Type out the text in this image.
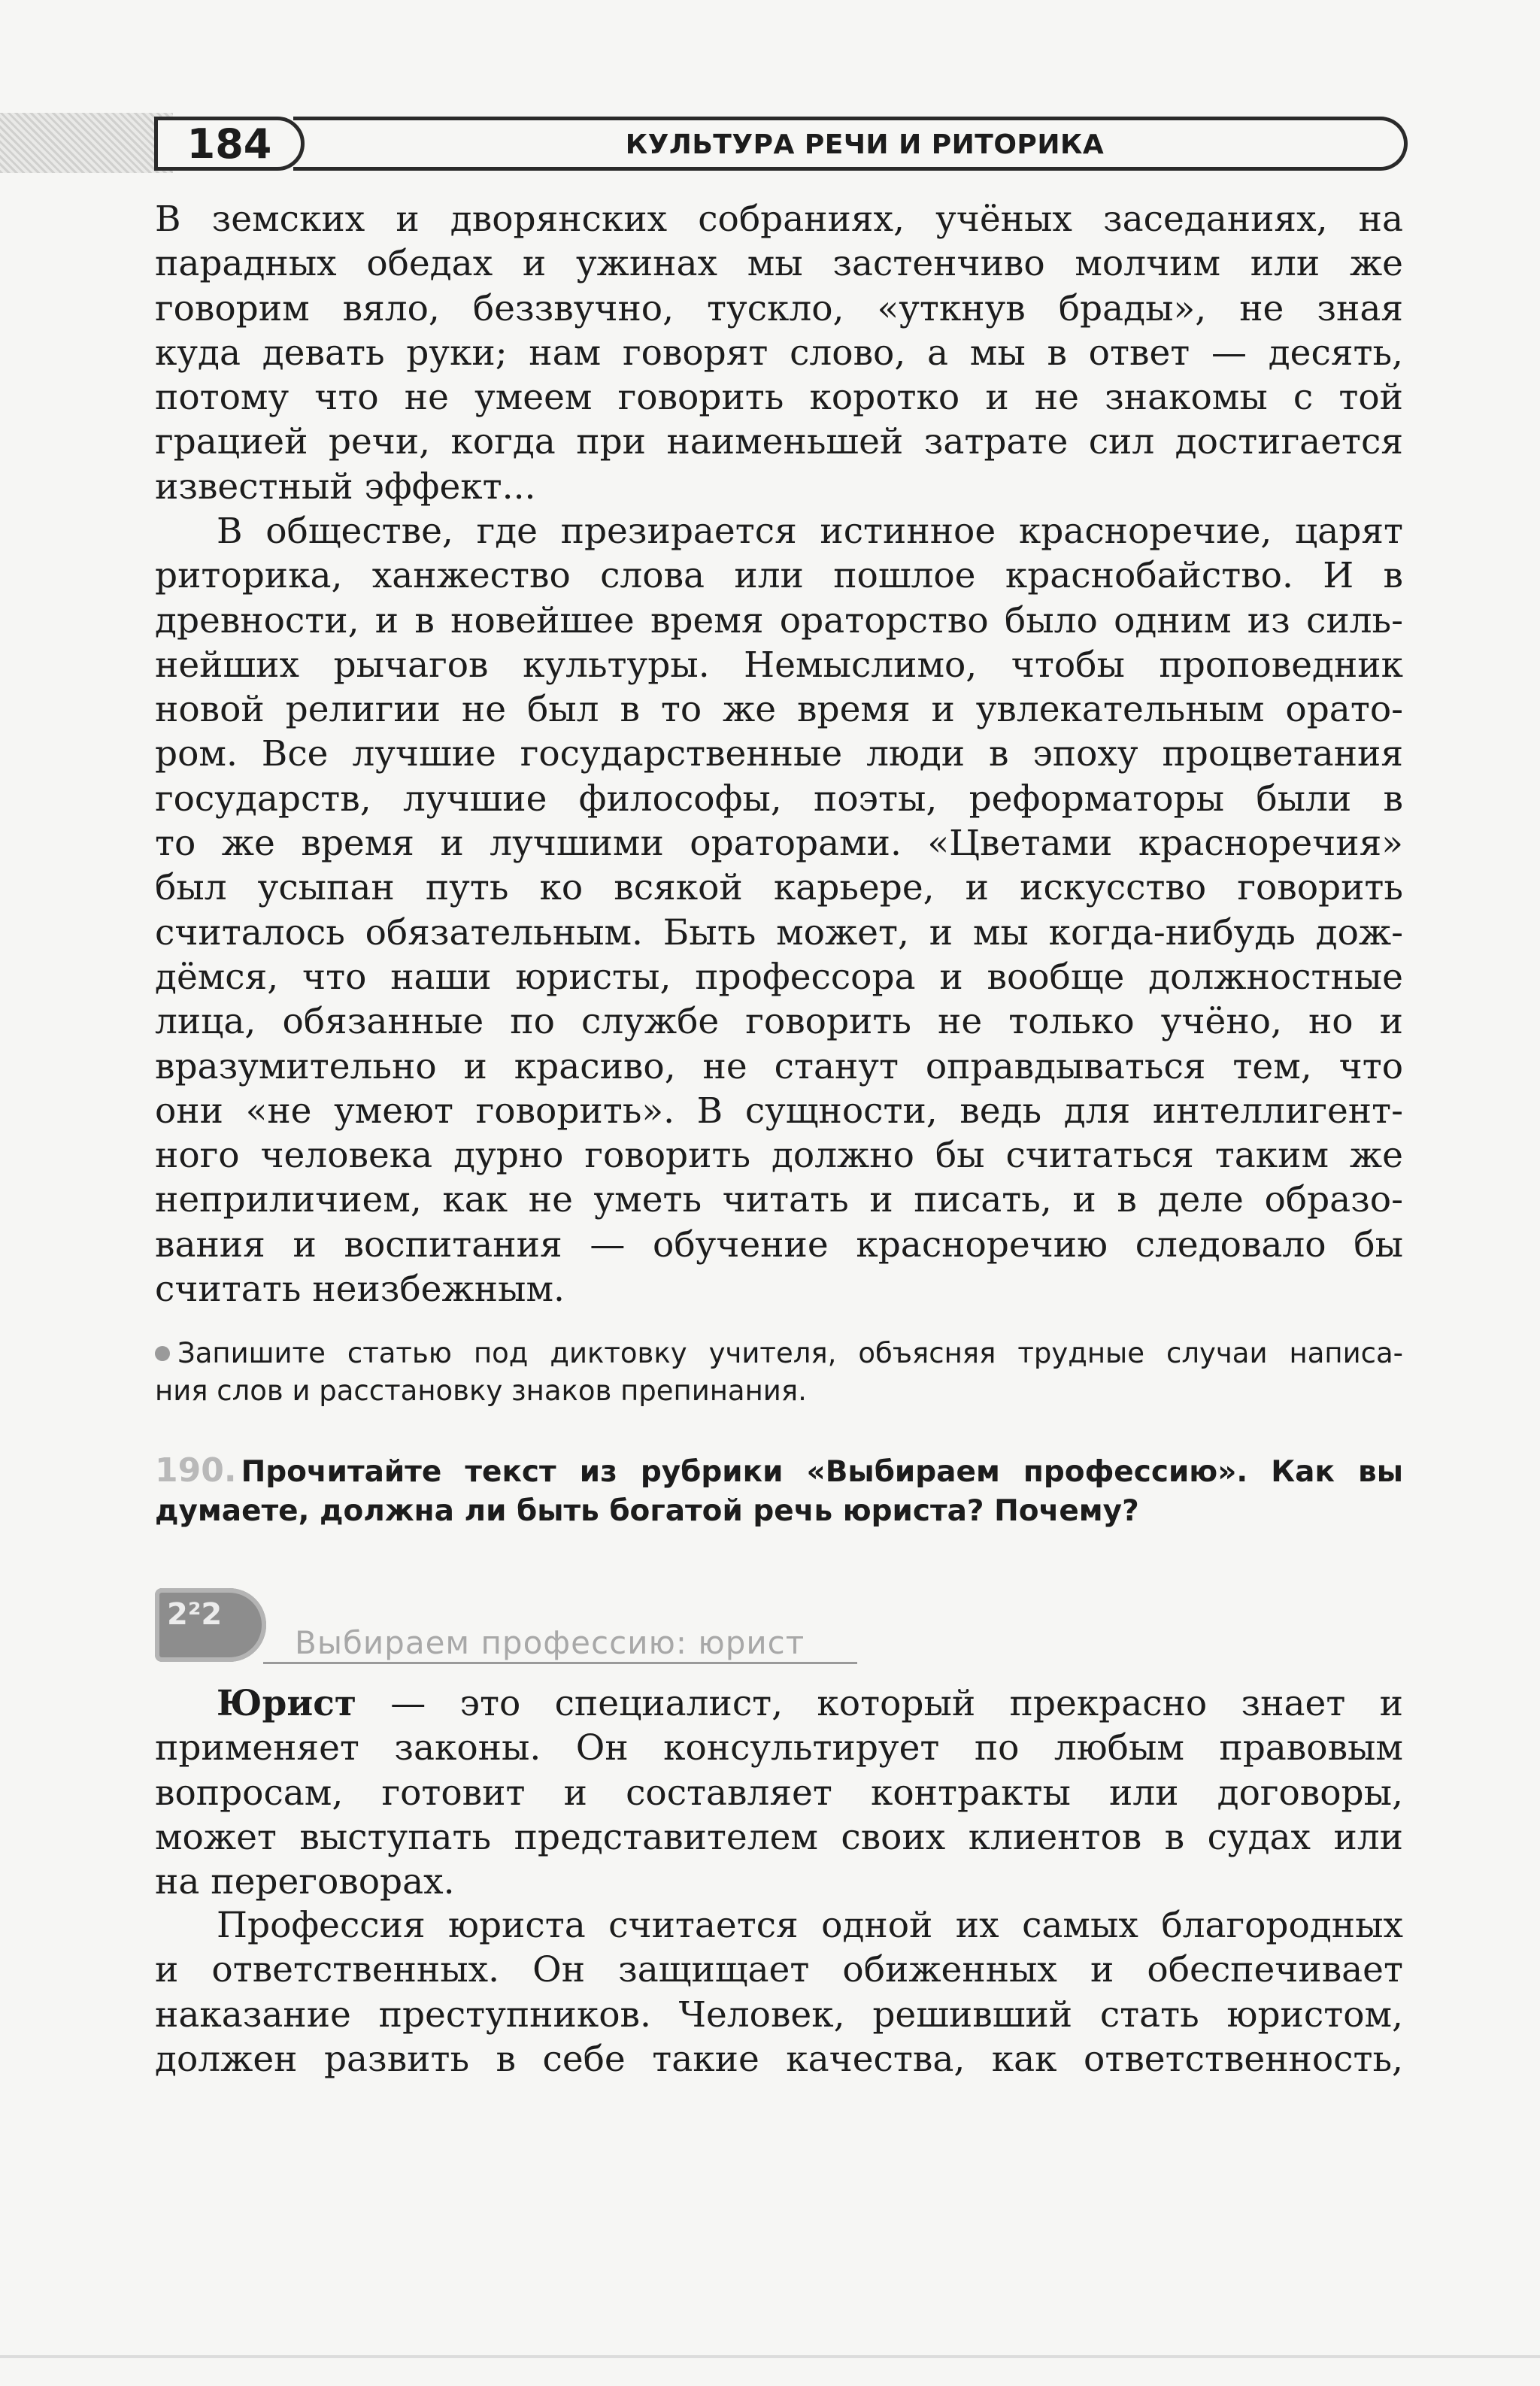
184	КУЛЬТУРА РЕЧИ И РИТОРИКА
В земских и дворянских собраниях, учёных заседаниях, на
парадных обедах и ужинах мы застенчиво молчим или же
говорим вяло, беззвучно, тускло, «уткнув брады», не зная
куда девать руки; нам говорят слово, а мы в ответ — десять,
потому что не умеем говорить коротко и не знакомы с той
грацией речи, когда при наименьшей затрате сил достигается
известный эффект...
В обществе, где презирается истинное красноречие, царят
риторика, ханжество слова или пошлое краснобайство. И в
древности, и в новейшее время ораторство было одним из силь-
нейших рычагов культуры. Немыслимо, чтобы проповедник
новой религии не был в то же время и увлекательным орато-
ром. Все лучшие государственные люди в эпоху процветания
государств, лучшие философы, поэты, реформаторы были в
то же время и лучшими ораторами. «Цветами красноречия»
был усыпан путь ко всякой карьере, и искусство говорить
считалось обязательным. Быть может, и мы когда-нибудь дож-
дёмся, что наши юристы, профессора и вообще должностные
лица, обязанные по службе говорить не только учёно, но и
вразумительно и красиво, не станут оправдываться тем, что
они «не умеют говорить». В сущности, ведь для интеллигент-
ного человека дурно говорить должно бы считаться таким же
неприличием, как не уметь читать и писать, и в деле образо-
вания и воспитания — обучение красноречию следовало бы
считать неизбежным.
Запишите статью под диктовку учителя, объясняя трудные случаи написа-
ния слов и расстановку знаков препинания.
190. Прочитайте текст из рубрики «Выбираем профессию». Как вы
думаете, должна ли быть богатой речь юриста? Почему?
2²2
Выбираем профессию: юрист
Юрист — это специалист, который прекрасно знает и
применяет законы. Он консультирует по любым правовым
вопросам, готовит и составляет контракты или договоры,
может выступать представителем своих клиентов в судах или
на переговорах.
Профессия юриста считается одной их самых благородных
и ответственных. Он защищает обиженных и обеспечивает
наказание преступников. Человек, решивший стать юристом,
должен развить в себе такие качества, как ответственность,
